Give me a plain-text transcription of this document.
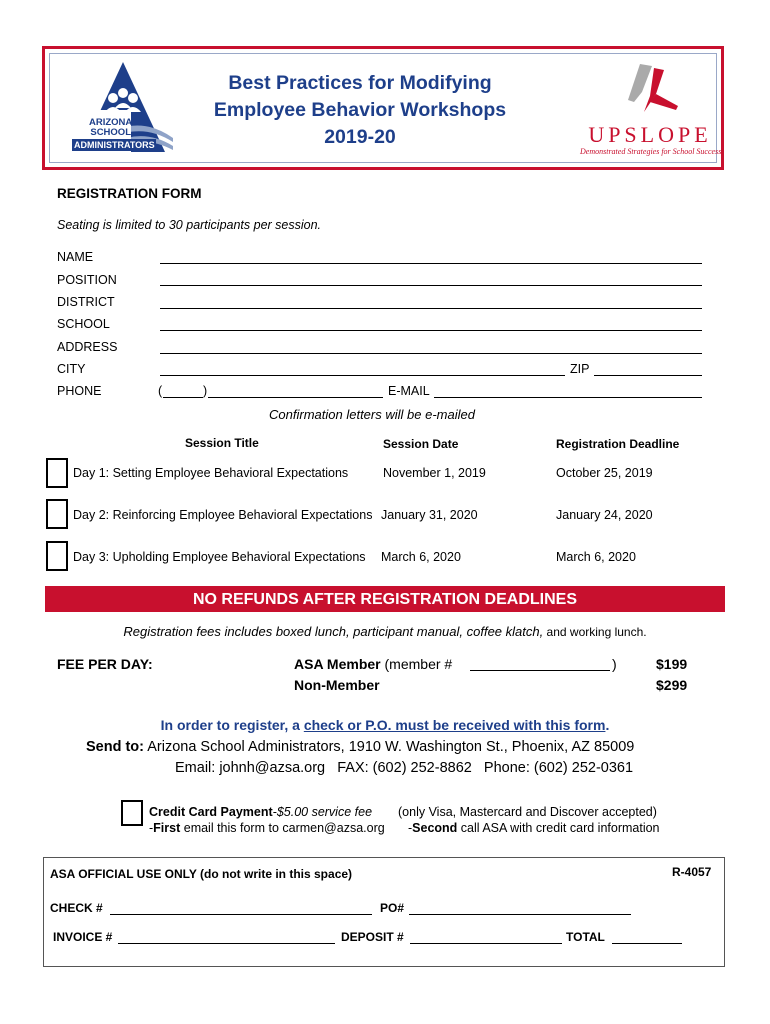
ARIZONA
SCHOOL
ADMINISTRATORS
Best Practices for Modifying
Employee Behavior Workshops
2019-20	UPSLOPE
Demonstrated Strategies for School Success
REGISTRATION FORM
Seating is limited to 30 participants per session.
NAME
POSITION
DISTRICT
SCHOOL
ADDRESS
CITY	ZIP
PHONE	(	)	E-MAIL
Confirmation letters will be e-mailed
Session Title	Session Date	Registration Deadline
Day 1: Setting Employee Behavioral Expectations	November 1, 2019	October 25, 2019
Day 2: Reinforcing Employee Behavioral Expectations January 31, 2020	January 24, 2020
Day 3: Upholding Employee Behavioral Expectations March 6, 2020	March 6, 2020
NO REFUNDS AFTER REGISTRATION DEADLINES
Registration fees includes boxed lunch, participant manual, coffee klatch, and working lunch.
FEE PER DAY:	ASA Member (member #	)	$199
Non-Member	$299
In order to register, a check or P.O. must be received with this form.
Send to: Arizona School Administrators, 1910 W. Washington St., Phoenix, AZ 85009
Email: johnh@azsa.org   FAX: (602) 252-8862   Phone: (602) 252-0361
Credit Card Payment-$5.00 service fee (only Visa, Mastercard and Discover accepted)
-First email this form to carmen@azsa.org -Second call ASA with credit card information
ASA OFFICIAL USE ONLY (do not write in this space)	R-4057
CHECK #	PO#
INVOICE #	DEPOSIT #	TOTAL
